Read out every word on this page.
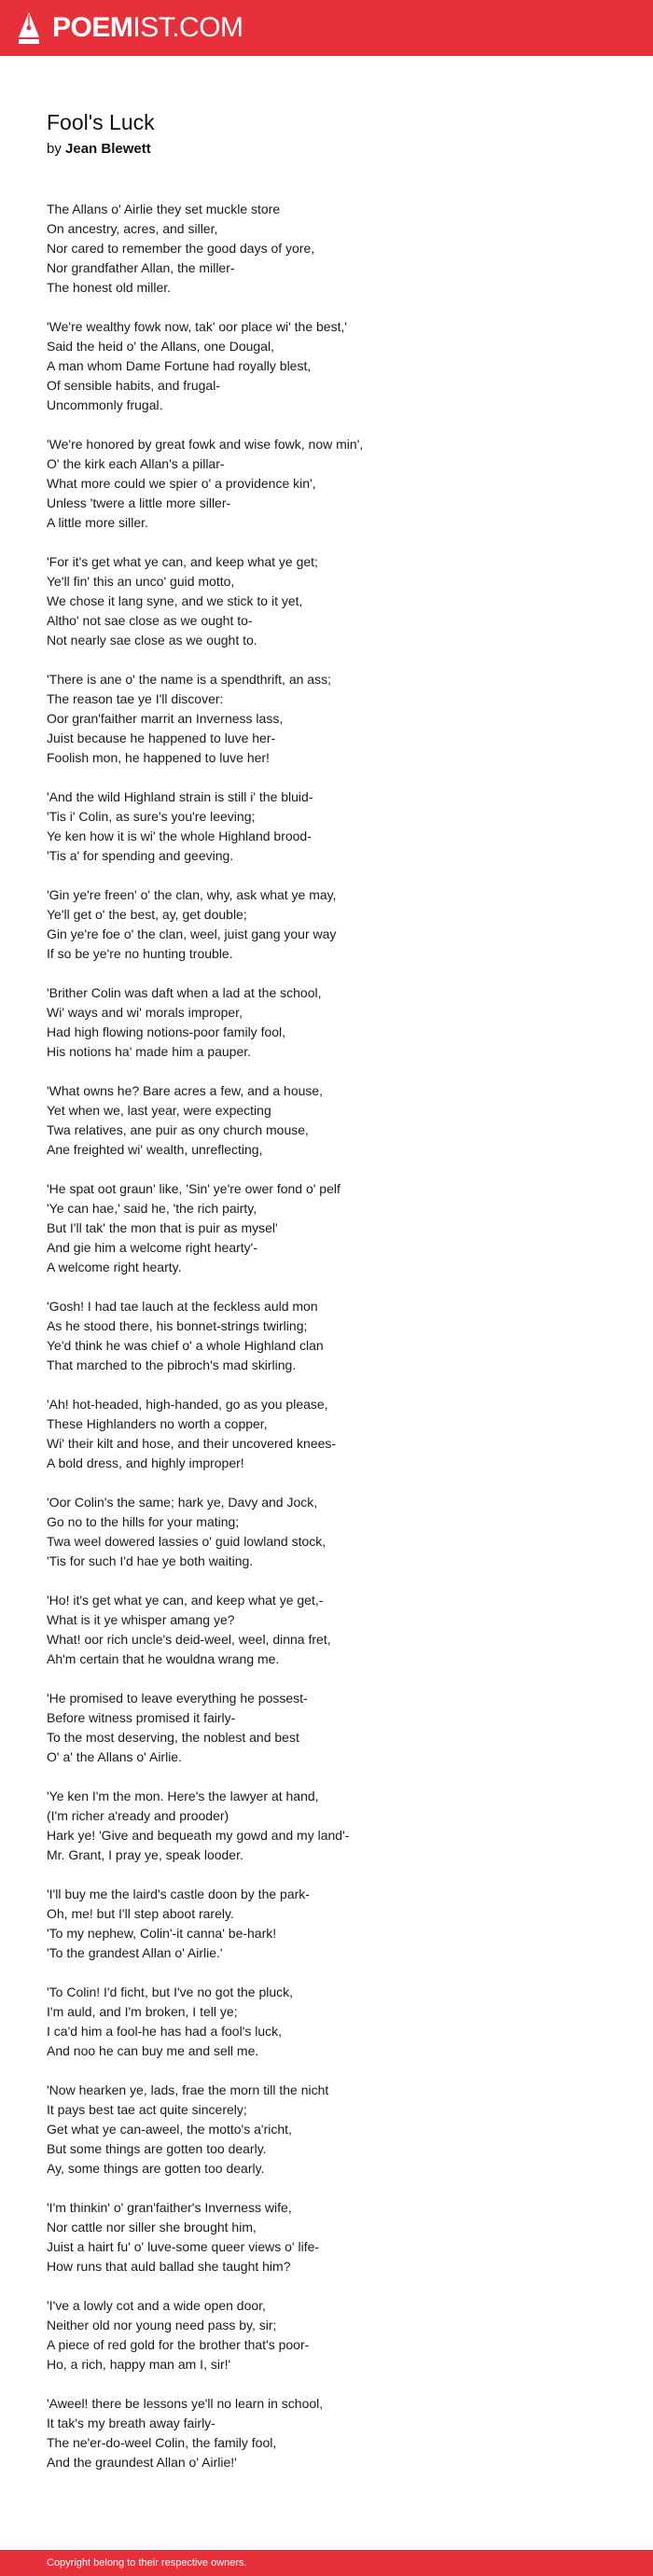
POEMIST.COM
Fool's Luck
by Jean Blewett

The Allans o' Airlie they set muckle store
On ancestry, acres, and siller,
Nor cared to remember the good days of yore,
Nor grandfather Allan, the miller-
The honest old miller.

'We're wealthy fowk now, tak' oor place wi' the best,'
Said the heid o' the Allans, one Dougal,
A man whom Dame Fortune had royally blest,
Of sensible habits, and frugal-
Uncommonly frugal.

'We're honored by great fowk and wise fowk, now min',
O' the kirk each Allan's a pillar-
What more could we spier o' a providence kin',
Unless 'twere a little more siller-
A little more siller.

'For it's get what ye can, and keep what ye get;
Ye'll fin' this an unco' guid motto,
We chose it lang syne, and we stick to it yet,
Altho' not sae close as we ought to-
Not nearly sae close as we ought to.

'There is ane o' the name is a spendthrift, an ass;
The reason tae ye I'll discover:
Oor gran'faither marrit an Inverness lass,
Juist because he happened to luve her-
Foolish mon, he happened to luve her!

'And the wild Highland strain is still i' the bluid-
'Tis i' Colin, as sure's you're leeving;
Ye ken how it is wi' the whole Highland brood-
'Tis a' for spending and geeving.

'Gin ye're freen' o' the clan, why, ask what ye may,
Ye'll get o' the best, ay, get double;
Gin ye're foe o' the clan, weel, juist gang your way
If so be ye're no hunting trouble.

'Brither Colin was daft when a lad at the school,
Wi' ways and wi' morals improper,
Had high flowing notions-poor family fool,
His notions ha' made him a pauper.

'What owns he? Bare acres a few, and a house,
Yet when we, last year, were expecting
Twa relatives, ane puir as ony church mouse,
Ane freighted wi' wealth, unreflecting,

'He spat oot graun' like, 'Sin' ye're ower fond o' pelf
'Ye can hae,' said he, 'the rich pairty,
But I'll tak' the mon that is puir as mysel'
And gie him a welcome right hearty'-
A welcome right hearty.

'Gosh! I had tae lauch at the feckless auld mon
As he stood there, his bonnet-strings twirling;
Ye'd think he was chief o' a whole Highland clan
That marched to the pibroch's mad skirling.

'Ah! hot-headed, high-handed, go as you please,
These Highlanders no worth a copper,
Wi' their kilt and hose, and their uncovered knees-
A bold dress, and highly improper!

'Oor Colin's the same; hark ye, Davy and Jock,
Go no to the hills for your mating;
Twa weel dowered lassies o' guid lowland stock,
'Tis for such I'd hae ye both waiting.

'Ho! it's get what ye can, and keep what ye get,-
What is it ye whisper amang ye?
What! oor rich uncle's deid-weel, weel, dinna fret,
Ah'm certain that he wouldna wrang me.

'He promised to leave everything he possest-
Before witness promised it fairly-
To the most deserving, the noblest and best
O' a' the Allans o' Airlie.

'Ye ken I'm the mon. Here's the lawyer at hand,
(I'm richer a'ready and prooder)
Hark ye! 'Give and bequeath my gowd and my land'-
Mr. Grant, I pray ye, speak looder.

'I'll buy me the laird's castle doon by the park-
Oh, me! but I'll step aboot rarely.
'To my nephew, Colin'-it canna' be-hark!
'To the grandest Allan o' Airlie.'

'To Colin! I'd ficht, but I've no got the pluck,
I'm auld, and I'm broken, I tell ye;
I ca'd him a fool-he has had a fool's luck,
And noo he can buy me and sell me.

'Now hearken ye, lads, frae the morn till the nicht
It pays best tae act quite sincerely;
Get what ye can-aweel, the motto's a'richt,
But some things are gotten too dearly.
Ay, some things are gotten too dearly.

'I'm thinkin' o' gran'faither's Inverness wife,
Nor cattle nor siller she brought him,
Juist a hairt fu' o' luve-some queer views o' life-
How runs that auld ballad she taught him?

'I've a lowly cot and a wide open door,
Neither old nor young need pass by, sir;
A piece of red gold for the brother that's poor-
Ho, a rich, happy man am I, sir!'

'Aweel! there be lessons ye'll no learn in school,
It tak's my breath away fairly-
The ne'er-do-weel Colin, the family fool,
And the graundest Allan o' Airlie!'

Copyright belong to their respective owners.
